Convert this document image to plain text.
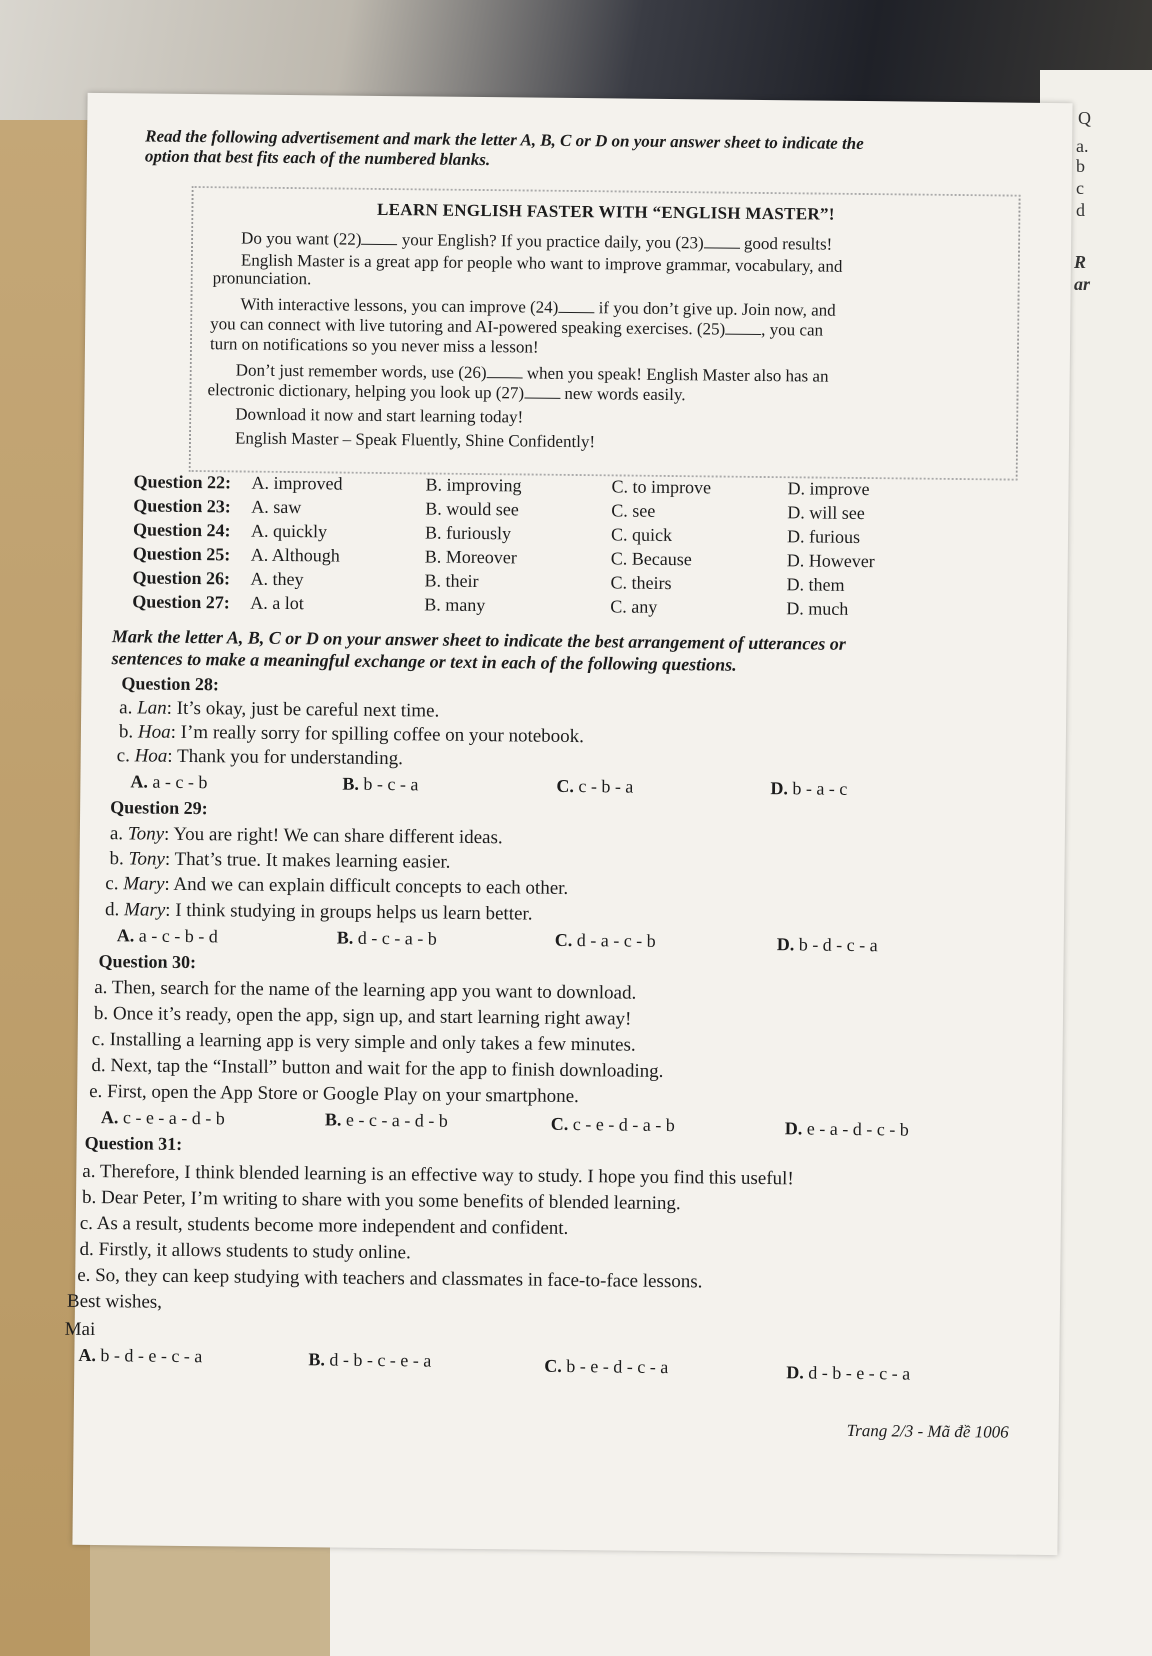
Q
a.
b
c
d
R
ar
Read the following advertisement and mark the letter A, B, C or D on your answer sheet to indicate the
option that best fits each of the numbered blanks.
LEARN ENGLISH FASTER WITH “ENGLISH MASTER”!
Do you want (22) your English? If you practice daily, you (23) good results!
English Master is a great app for people who want to improve grammar, vocabulary, and
pronunciation.
With interactive lessons, you can improve (24) if you don’t give up. Join now, and
you can connect with live tutoring and AI-powered speaking exercises. (25) , you can
turn on notifications so you never miss a lesson!
Don’t just remember words, use (26) when you speak! English Master also has an
electronic dictionary, helping you look up (27) new words easily.
Download it now and start learning today!
English Master – Speak Fluently, Shine Confidently!
Question 22: A. improved	B. improving	C. to improve	D. improve
Question 23: A. saw	B. would see	C. see	D. will see
Question 24: A. quickly	B. furiously	C. quick	D. furious
Question 25: A. Although	B. Moreover	C. Because	D. However
Question 26: A. they	B. their	C. theirs	D. them
Question 27: A. a lot	B. many	C. any	D. much
Mark the letter A, B, C or D on your answer sheet to indicate the best arrangement of utterances or
sentences to make a meaningful exchange or text in each of the following questions.
Question 28:
a. Lan: It’s okay, just be careful next time.
b. Hoa: I’m really sorry for spilling coffee on your notebook.
c. Hoa: Thank you for understanding.
A. a - c - b	B. b - c - a	C. c - b - a	D. b - a - c
Question 29:
a. Tony: You are right! We can share different ideas.
b. Tony: That’s true. It makes learning easier.
c. Mary: And we can explain difficult concepts to each other.
d. Mary: I think studying in groups helps us learn better.
A. a - c - b - d	B. d - c - a - b	C. d - a - c - b	D. b - d - c - a
Question 30:
a. Then, search for the name of the learning app you want to download.
b. Once it’s ready, open the app, sign up, and start learning right away!
c. Installing a learning app is very simple and only takes a few minutes.
d. Next, tap the “Install” button and wait for the app to finish downloading.
e. First, open the App Store or Google Play on your smartphone.
A. c - e - a - d - b	B. e - c - a - d - b	C. c - e - d - a - b	D. e - a - d - c - b
Question 31:
a. Therefore, I think blended learning is an effective way to study. I hope you find this useful!
b. Dear Peter, I’m writing to share with you some benefits of blended learning.
c. As a result, students become more independent and confident.
d. Firstly, it allows students to study online.
e. So, they can keep studying with teachers and classmates in face-to-face lessons.
Best wishes,
Mai
A. b - d - e - c - a	B. d - b - c - e - a	C. b - e - d - c - a	D. d - b - e - c - a
Trang 2/3 - Mã đề 1006
